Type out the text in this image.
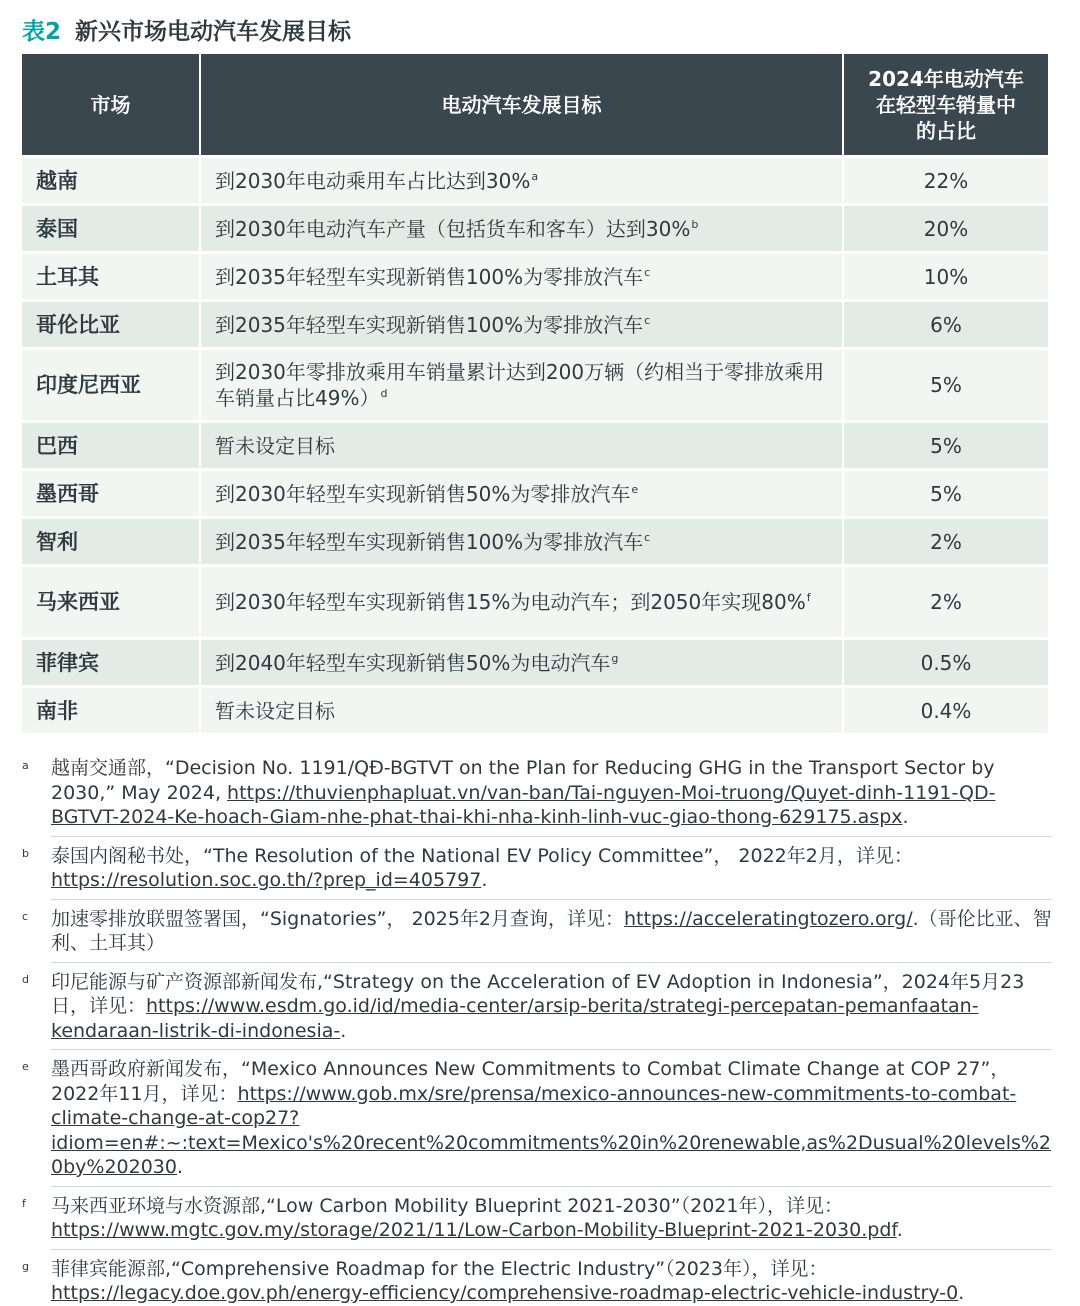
表2 新兴市场电动汽车发展目标
市场	电动汽车发展目标	2024年电动汽车
在轻型车销量中
的占比
越南	到2030年电动乘用车占比达到30%$^a$	22%
泰国	到2030年电动汽车产量（包括货车和客车）达到30%$^b$	20%
土耳其	到2035年轻型车实现新销售100%为零排放汽车$^c$	10%
哥伦比亚	到2035年轻型车实现新销售100%为零排放汽车$^c$	6%
印度尼西亚	到2030年零排放乘用车销量累计达到200万辆（约相当于零排放乘用车销量占比49%）$^d$	5%
巴西	暂未设定目标	5%
墨西哥	到2030年轻型车实现新销售50%为零排放汽车$^e$	5%
智利	到2035年轻型车实现新销售100%为零排放汽车$^c$	2%
马来西亚	到2030年轻型车实现新销售15%为电动汽车；到2050年实现80%$^f$	2%
菲律宾	到2040年轻型车实现新销售50%为电动汽车$^g$	0.5%
南非	暂未设定目标	0.4%
a	越南交通部，“Decision No. 1191/QĐ-BGTVT on the Plan for Reducing GHG in the Transport Sector by 2030,” May 2024, https://thuvienphapluat.vn/van-ban/Tai-nguyen-Moi-truong/Quyet-dinh-1191-QD-BGTVT-2024-Ke-hoach-Giam-nhe-phat-thai-khi-nha-kinh-linh-vuc-giao-thong-629175.aspx.
b	泰国内阁秘书处，“The Resolution of the National EV Policy Committee”， 2022年2月，详见：https://resolution.soc.go.th/?prep_id=405797.
c	加速零排放联盟签署国，“Signatories”， 2025年2月查询，详见：https://acceleratingtozero.org/.（哥伦比亚、智利、土耳其）
d	印尼能源与矿产资源部新闻发布,“Strategy on the Acceleration of EV Adoption in Indonesia”，2024年5月23日，详见：https://www.esdm.go.id/id/media-center/arsip-berita/strategi-percepatan-pemanfaatan-kendaraan-listrik-di-indonesia-.
e	墨西哥政府新闻发布，“Mexico Announces New Commitments to Combat Climate Change at COP 27”，2022年11月，详见：https://www.gob.mx/sre/prensa/mexico-announces-new-commitments-to-combat-climate-change-at-cop27?idiom=en#:~:text=Mexico's%20recent%20commitments%20in%20renewable,as%2Dusual%20levels%20by%202030.
f	马来西亚环境与水资源部,“Low Carbon Mobility Blueprint 2021-2030”（2021年），详见：https://www.mgtc.gov.my/storage/2021/11/Low-Carbon-Mobility-Blueprint-2021-2030.pdf.
g	菲律宾能源部,“Comprehensive Roadmap for the Electric Industry”（2023年），详见：https://legacy.doe.gov.ph/energy-efficiency/comprehensive-roadmap-electric-vehicle-industry-0.
